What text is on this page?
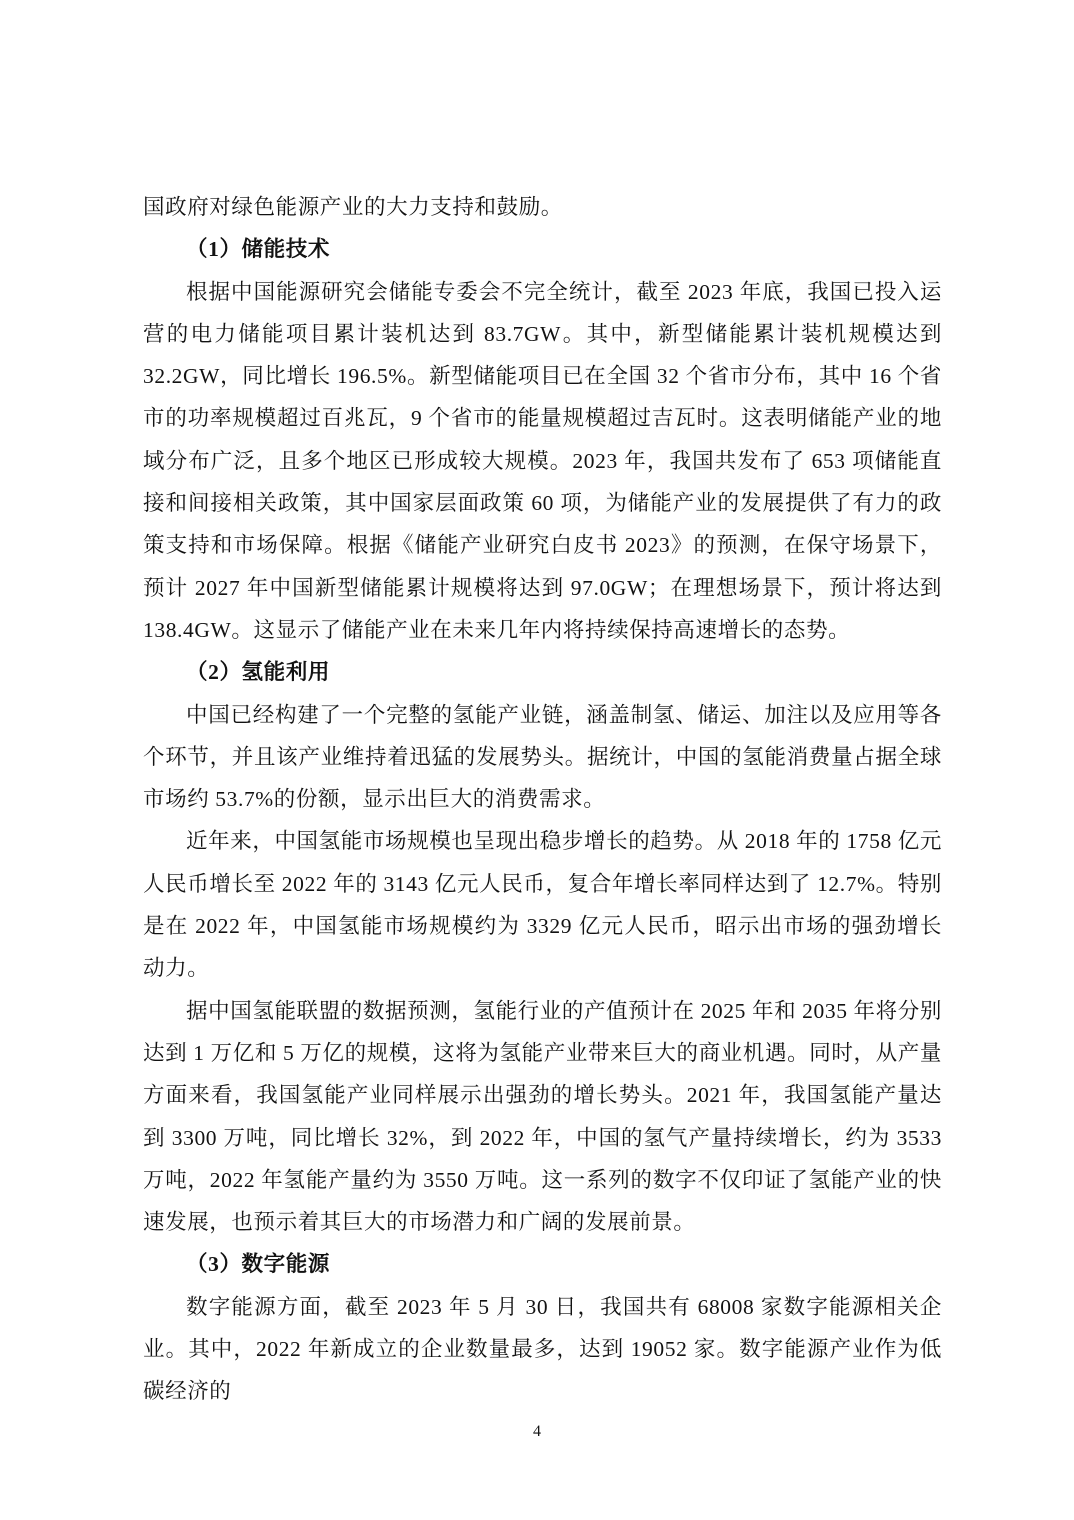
国政府对绿色能源产业的大力支持和鼓励。

（1）储能技术

根据中国能源研究会储能专委会不完全统计，截至 2023 年底，我国已投入运营的电力储能项目累计装机达到 83.7GW。其中，新型储能累计装机规模达到 32.2GW，同比增长 196.5%。新型储能项目已在全国 32 个省市分布，其中 16 个省市的功率规模超过百兆瓦，9 个省市的能量规模超过吉瓦时。这表明储能产业的地域分布广泛，且多个地区已形成较大规模。2023 年，我国共发布了 653 项储能直接和间接相关政策，其中国家层面政策 60 项，为储能产业的发展提供了有力的政策支持和市场保障。根据《储能产业研究白皮书 2023》的预测，在保守场景下，预计 2027 年中国新型储能累计规模将达到 97.0GW；在理想场景下，预计将达到 138.4GW。这显示了储能产业在未来几年内将持续保持高速增长的态势。

（2）氢能利用

中国已经构建了一个完整的氢能产业链，涵盖制氢、储运、加注以及应用等各个环节，并且该产业维持着迅猛的发展势头。据统计，中国的氢能消费量占据全球市场约 53.7%的份额，显示出巨大的消费需求。

近年来，中国氢能市场规模也呈现出稳步增长的趋势。从 2018 年的 1758 亿元人民币增长至 2022 年的 3143 亿元人民币，复合年增长率同样达到了 12.7%。特别是在 2022 年，中国氢能市场规模约为 3329 亿元人民币，昭示出市场的强劲增长动力。

据中国氢能联盟的数据预测，氢能行业的产值预计在 2025 年和 2035 年将分别达到 1 万亿和 5 万亿的规模，这将为氢能产业带来巨大的商业机遇。同时，从产量方面来看，我国氢能产业同样展示出强劲的增长势头。2021 年，我国氢能产量达到 3300 万吨，同比增长 32%，到 2022 年，中国的氢气产量持续增长，约为 3533 万吨，2022 年氢能产量约为 3550 万吨。这一系列的数字不仅印证了氢能产业的快速发展，也预示着其巨大的市场潜力和广阔的发展前景。

（3）数字能源

数字能源方面，截至 2023 年 5 月 30 日，我国共有 68008 家数字能源相关企业。其中，2022 年新成立的企业数量最多，达到 19052 家。数字能源产业作为低碳经济的

4
